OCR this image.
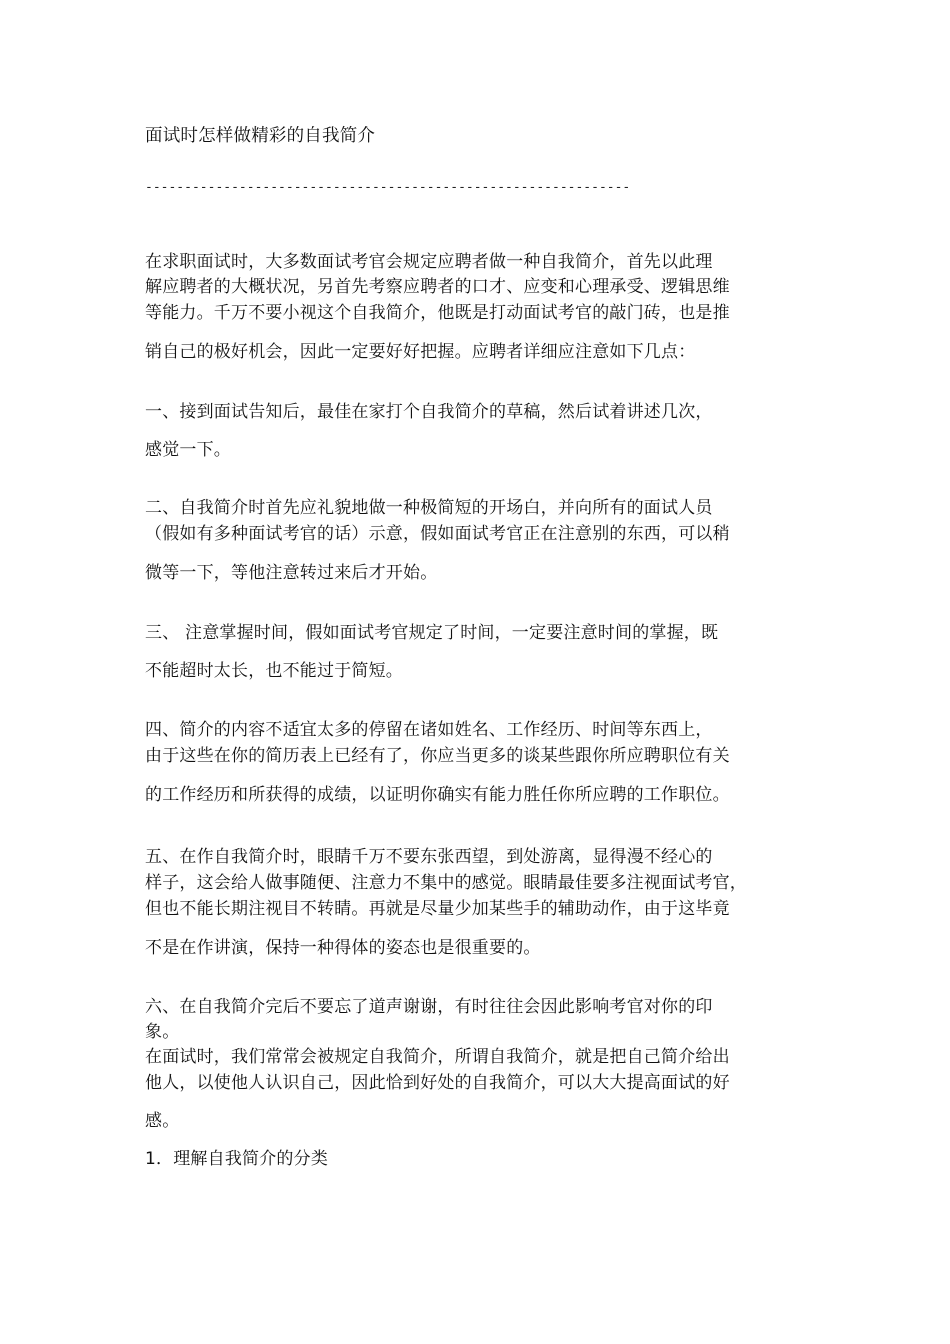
面试时怎样做精彩的自我简介
--------------------------------------------------------------
在求职面试时，大多数面试考官会规定应聘者做一种自我简介，首先以此理
解应聘者的大概状况，另首先考察应聘者的口才、应变和心理承受、逻辑思维
等能力。千万不要小视这个自我简介，他既是打动面试考官的敲门砖，也是推
销自己的极好机会，因此一定要好好把握。应聘者详细应注意如下几点：
一、接到面试告知后，最佳在家打个自我简介的草稿，然后试着讲述几次，
感觉一下。
二、自我简介时首先应礼貌地做一种极简短的开场白，并向所有的面试人员
（假如有多种面试考官的话）示意，假如面试考官正在注意别的东西，可以稍
微等一下，等他注意转过来后才开始。
三、 注意掌握时间，假如面试考官规定了时间，一定要注意时间的掌握，既
不能超时太长，也不能过于简短。
四、简介的内容不适宜太多的停留在诸如姓名、工作经历、时间等东西上，
由于这些在你的简历表上已经有了，你应当更多的谈某些跟你所应聘职位有关
的工作经历和所获得的成绩，以证明你确实有能力胜任你所应聘的工作职位。
五、在作自我简介时，眼睛千万不要东张西望，到处游离，显得漫不经心的
样子，这会给人做事随便、注意力不集中的感觉。眼睛最佳要多注视面试考官，
但也不能长期注视目不转睛。再就是尽量少加某些手的辅助动作，由于这毕竟
不是在作讲演，保持一种得体的姿态也是很重要的。
六、在自我简介完后不要忘了道声谢谢，有时往往会因此影响考官对你的印
象。
在面试时，我们常常会被规定自我简介，所谓自我简介，就是把自己简介给出
他人，以使他人认识自己，因此恰到好处的自我简介，可以大大提高面试的好
感。
1．理解自我简介的分类
